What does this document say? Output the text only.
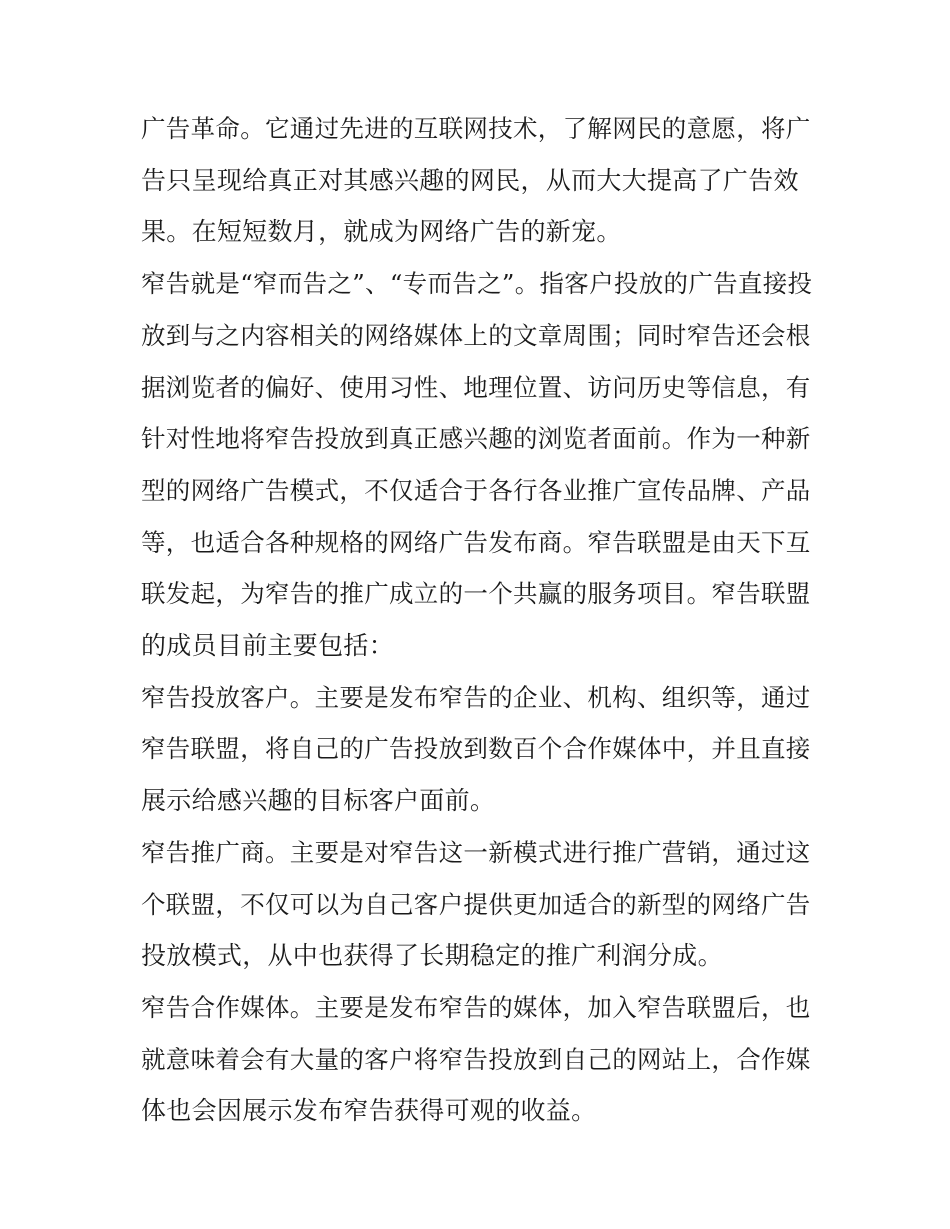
广告革命。它通过先进的互联网技术，了解网民的意愿，将广
告只呈现给真正对其感兴趣的网民，从而大大提高了广告效
果。在短短数月，就成为网络广告的新宠。

窄告就是“窄而告之”、“专而告之”。指客户投放的广告直接投
放到与之内容相关的网络媒体上的文章周围；同时窄告还会根
据浏览者的偏好、使用习性、地理位置、访问历史等信息，有
针对性地将窄告投放到真正感兴趣的浏览者面前。作为一种新
型的网络广告模式，不仅适合于各行各业推广宣传品牌、产品
等，也适合各种规格的网络广告发布商。窄告联盟是由天下互
联发起，为窄告的推广成立的一个共赢的服务项目。窄告联盟
的成员目前主要包括：

窄告投放客户。主要是发布窄告的企业、机构、组织等，通过
窄告联盟，将自己的广告投放到数百个合作媒体中，并且直接
展示给感兴趣的目标客户面前。

窄告推广商。主要是对窄告这一新模式进行推广营销，通过这
个联盟，不仅可以为自己客户提供更加适合的新型的网络广告
投放模式，从中也获得了长期稳定的推广利润分成。

窄告合作媒体。主要是发布窄告的媒体，加入窄告联盟后，也
就意味着会有大量的客户将窄告投放到自己的网站上，合作媒
体也会因展示发布窄告获得可观的收益。
